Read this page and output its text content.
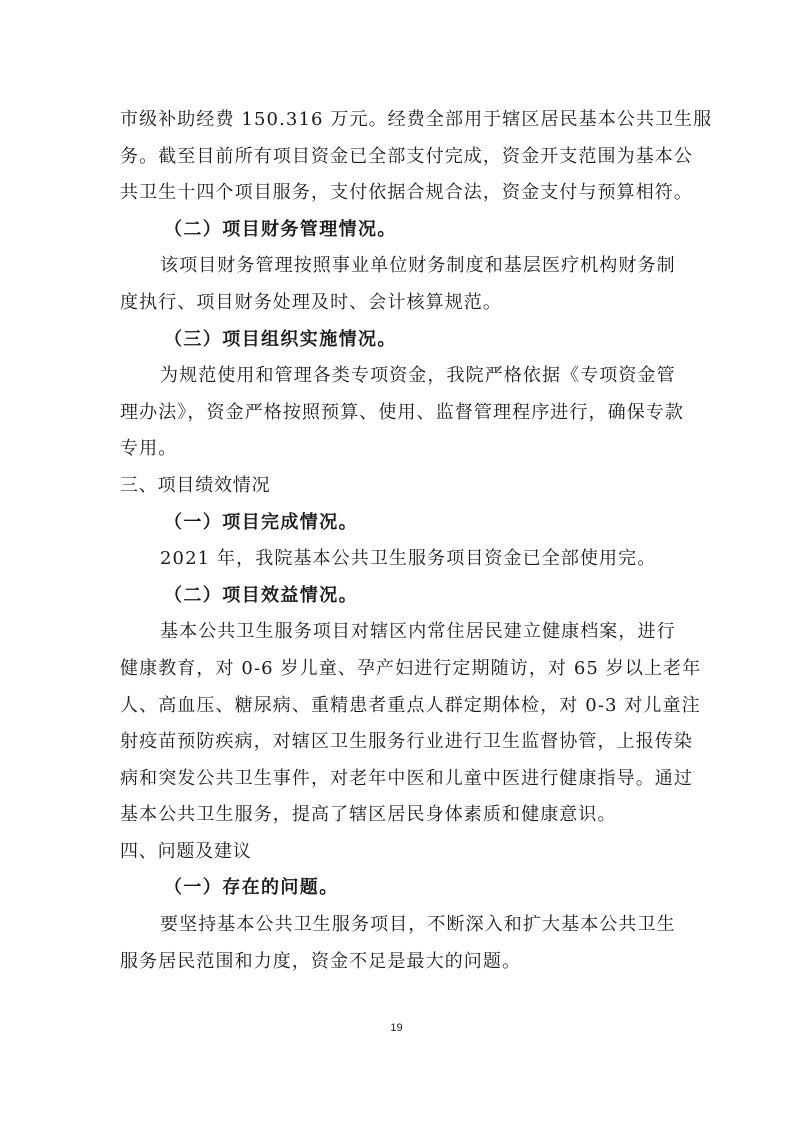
市级补助经费 150.316 万元。经费全部用于辖区居民基本公共卫生服
务。截至目前所有项目资金已全部支付完成，资金开支范围为基本公
共卫生十四个项目服务，支付依据合规合法，资金支付与预算相符。
（二）项目财务管理情况。
该项目财务管理按照事业单位财务制度和基层医疗机构财务制
度执行、项目财务处理及时、会计核算规范。
（三）项目组织实施情况。
为规范使用和管理各类专项资金，我院严格依据《专项资金管
理办法》，资金严格按照预算、使用、监督管理程序进行，确保专款
专用。
三、项目绩效情况
（一）项目完成情况。
2021 年，我院基本公共卫生服务项目资金已全部使用完。
（二）项目效益情况。
基本公共卫生服务项目对辖区内常住居民建立健康档案，进行
健康教育，对 0-6 岁儿童、孕产妇进行定期随访，对 65 岁以上老年
人、高血压、糖尿病、重精患者重点人群定期体检，对 0-3 对儿童注
射疫苗预防疾病，对辖区卫生服务行业进行卫生监督协管，上报传染
病和突发公共卫生事件，对老年中医和儿童中医进行健康指导。通过
基本公共卫生服务，提高了辖区居民身体素质和健康意识。
四、问题及建议
（一）存在的问题。
要坚持基本公共卫生服务项目，不断深入和扩大基本公共卫生
服务居民范围和力度，资金不足是最大的问题。
19
